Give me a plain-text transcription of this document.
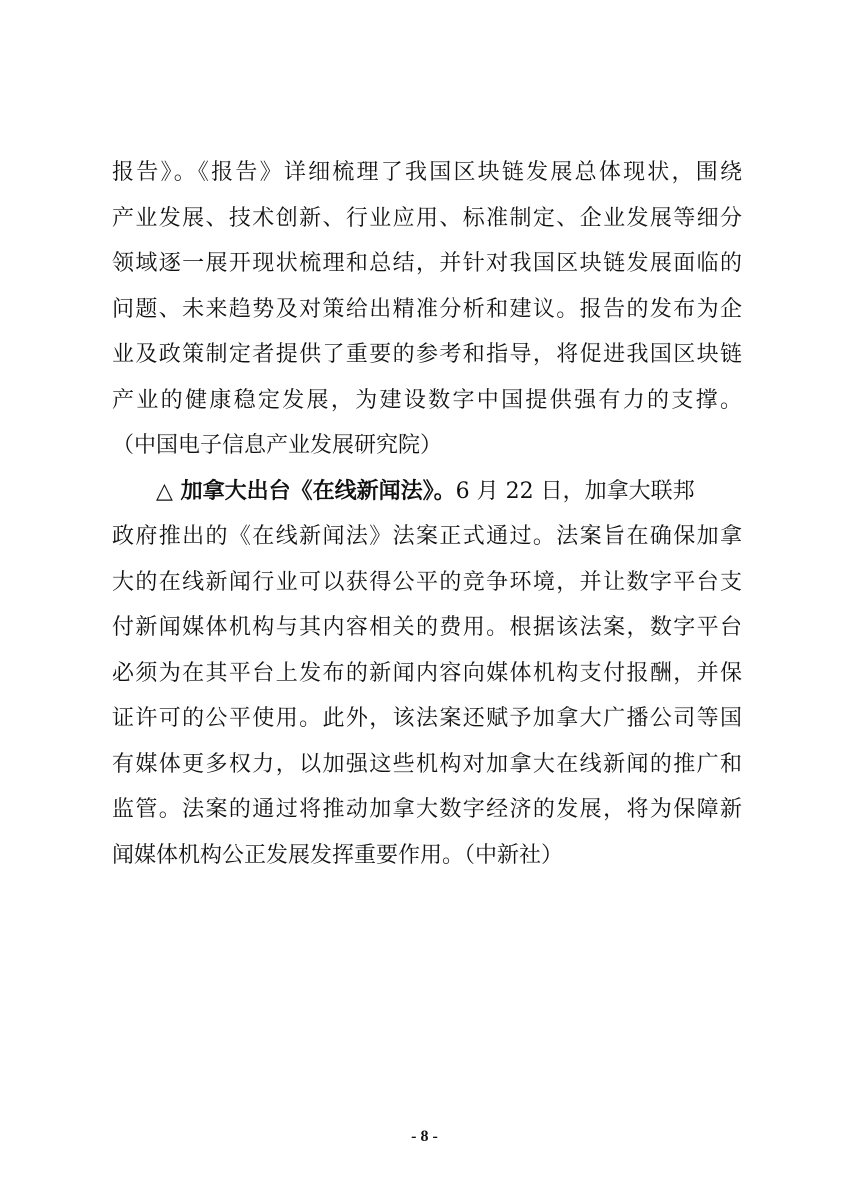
报告》。《报告》详细梳理了我国区块链发展总体现状，围绕
产业发展、技术创新、行业应用、标准制定、企业发展等细分
领域逐一展开现状梳理和总结，并针对我国区块链发展面临的
问题、未来趋势及对策给出精准分析和建议。报告的发布为企
业及政策制定者提供了重要的参考和指导，将促进我国区块链
产业的健康稳定发展，为建设数字中国提供强有力的支撑。
（中国电子信息产业发展研究院）
△ 加拿大出台《在线新闻法》。6 月 22 日，加拿大联邦
政府推出的《在线新闻法》法案正式通过。法案旨在确保加拿
大的在线新闻行业可以获得公平的竞争环境，并让数字平台支
付新闻媒体机构与其内容相关的费用。根据该法案，数字平台
必须为在其平台上发布的新闻内容向媒体机构支付报酬，并保
证许可的公平使用。此外，该法案还赋予加拿大广播公司等国
有媒体更多权力，以加强这些机构对加拿大在线新闻的推广和
监管。法案的通过将推动加拿大数字经济的发展，将为保障新
闻媒体机构公正发展发挥重要作用。（中新社）
- 8 -
